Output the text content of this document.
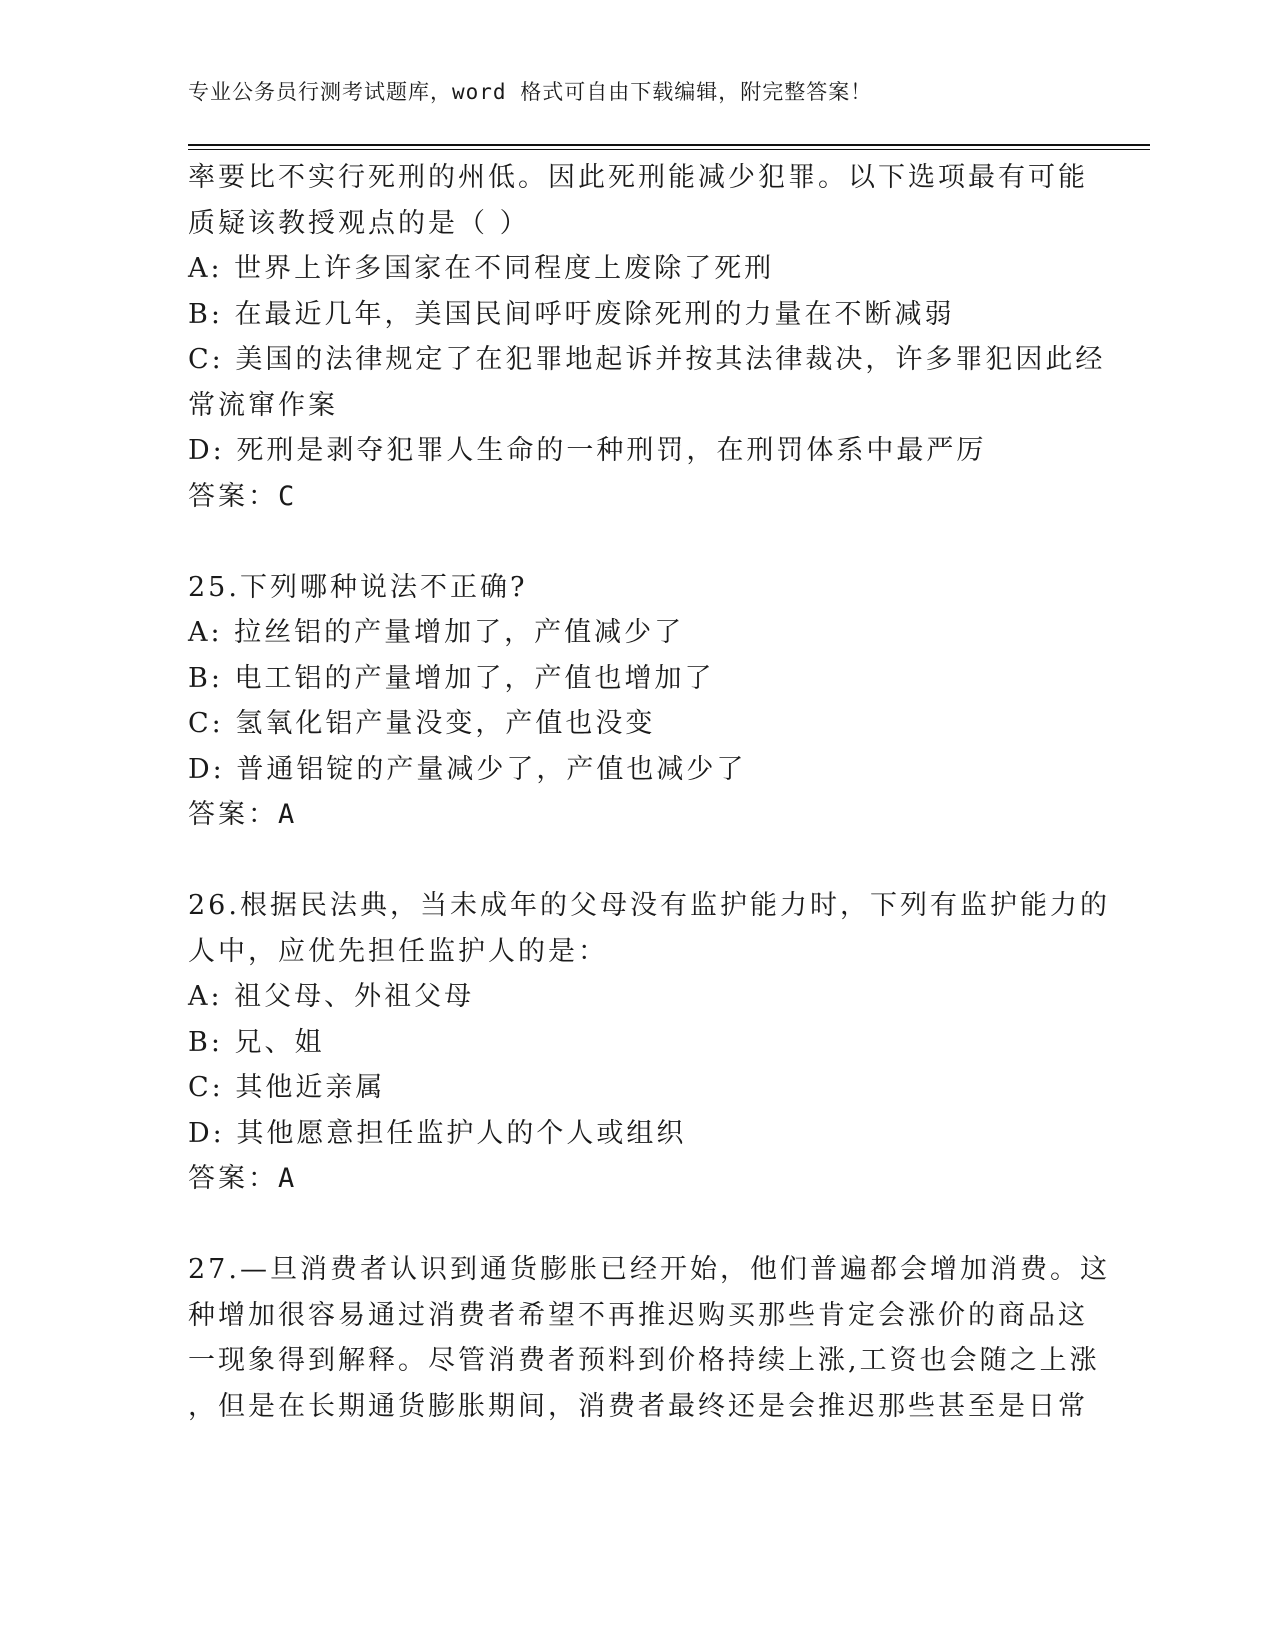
专业公务员行测考试题库，word 格式可自由下载编辑，附完整答案！
率要比不实行死刑的州低。因此死刑能减少犯罪。以下选项最有可能
质疑该教授观点的是（ ）
A: 世界上许多国家在不同程度上废除了死刑
B: 在最近几年，美国民间呼吁废除死刑的力量在不断减弱
C: 美国的法律规定了在犯罪地起诉并按其法律裁决，许多罪犯因此经
常流窜作案
D: 死刑是剥夺犯罪人生命的一种刑罚，在刑罚体系中最严厉
答案：C
25.下列哪种说法不正确?
A: 拉丝铝的产量增加了，产值减少了
B: 电工铝的产量增加了，产值也增加了
C: 氢氧化铝产量没变，产值也没变
D: 普通铝锭的产量减少了，产值也减少了
答案：A
26.根据民法典，当未成年的父母没有监护能力时，下列有监护能力的
人中，应优先担任监护人的是：
A: 祖父母、外祖父母
B: 兄、姐
C: 其他近亲属
D: 其他愿意担任监护人的个人或组织
答案：A
27.—旦消费者认识到通货膨胀已经开始，他们普遍都会增加消费。这
种增加很容易通过消费者希望不再推迟购买那些肯定会涨价的商品这
一现象得到解释。尽管消费者预料到价格持续上涨,工资也会随之上涨
，但是在长期通货膨胀期间，消费者最终还是会推迟那些甚至是日常
